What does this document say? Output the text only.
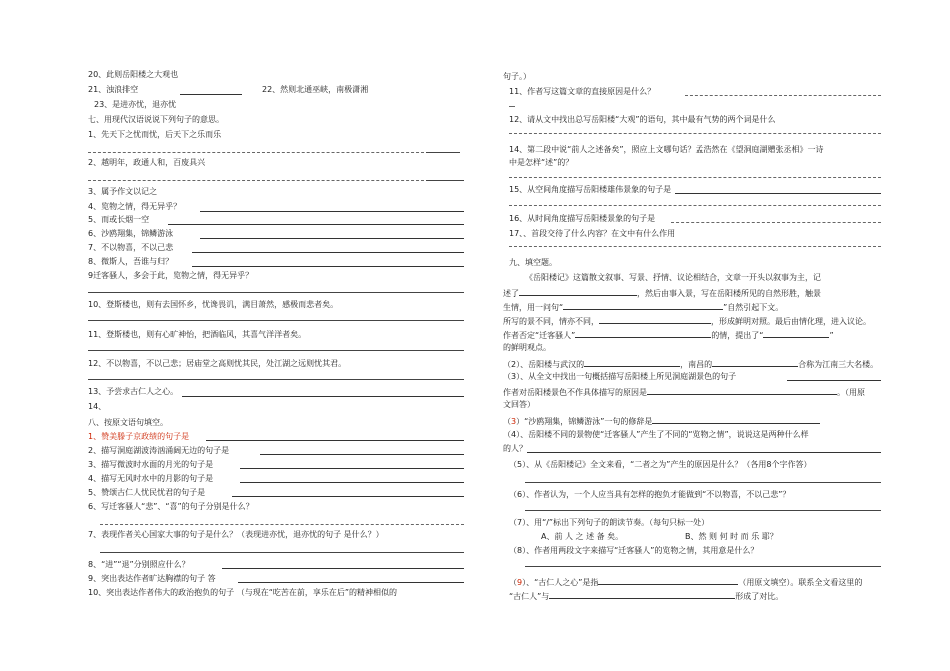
20、此则岳阳楼之大观也
21、浊浪排空	22、然则北通巫峡，南极潇湘
23、是进亦忧，退亦忧
七、用现代汉语说说下列句子的意思。
1、先天下之忧而忧，后天下之乐而乐
2、越明年，政通人和，百废具兴
3、属予作文以记之
4、览物之情，得无异乎？
5、而或长烟一空
6、沙鸥翔集，锦鳞游泳
7、不以物喜，不以己悲
8、微斯人，吾谁与归？
9迁客骚人，多会于此，览物之情，得无异乎？
10、登斯楼也，则有去国怀乡，忧谗畏讥，满目萧然，感极而悲者矣。
11、登斯楼也，则有心旷神怡，把酒临风，其喜气洋洋者矣。
12、不以物喜，不以己悲；居庙堂之高则忧其民，处江湖之远则忧其君。
13、予尝求古仁人之心。
14、
八、按原文语句填空。
1、赞美滕子京政绩的句子是
2、描写洞庭湖波涛汹涌阔无边的句子是
3、描写微波时水面的月光的句子是
4、描写无风时水中的月影的句子是
5、赞颂古仁人忧民忧君的句子是
6、写迁客骚人“悲”、“喜”的句子分别是什么？
7、表现作者关心国家大事的句子是什么？（表现进亦忧，退亦忧的句子 是什么？）
8、“进”“退”分别照应什么？
9、突出表达作者旷达胸襟的句子 答
10、突出表达作者伟大的政治抱负的句子 （与现在“吃苦在前，享乐在后”的精神相似的
句子。）
11、作者写这篇文章的直接原因是什么？
12、请从文中找出总写岳阳楼“大观”的语句，其中最有气势的两个词是什么
14、第二段中说“前人之述备矣”，照应上文哪句话？孟浩然在《望洞庭湖赠张丞相》一诗
中是怎样“述”的？
15、从空间角度描写岳阳楼雄伟景象的句子是
16、从时间角度描写岳阳楼景象的句子是
17、、首段交待了什么内容？在文中有什么作用
九、填空题。
《岳阳楼记》这篇散文叙事、写景、抒情、议论相结合，文章一开头以叙事为主，记
述了	，然后由事入景，写在岳阳楼所见的自然形胜，触景
生情，用一问句“	”自然引起下文。
所写的景不同，情亦不同，	，形成鲜明对照。最后由情化理，进入议论。
作者否定“迁客骚人”	的情，提出了“	”
的鲜明观点。
（2）、岳阳楼与武汉的	，南昌的	合称为江南三大名楼。
（3）、从全文中找出一句概括描写岳阳楼上所见洞庭湖景色的句子
作者对岳阳楼景色不作具体描写的原因是	。（用原
文回答）
（3）“沙鸥翔集，锦鳞游泳”一句的修辞是
（4）、岳阳楼不同的景物使“迁客骚人”产生了不同的“览物之情”，说说这是两种什么样
的人？
（5）、从《岳阳楼记》全文来看，“二者之为”产生的原因是什么？（各用8个字作答）
（6）、作者认为，一个人应当具有怎样的抱负才能做到“不以物喜，不以己悲”？
（7）、用“/”标出下列句子的朗读节奏。（每句只标一处）
A、前 人 之 述 备 矣。	B、然 则 何 时 而 乐 耶？
（8）、作者用两段文字来描写“迁客骚人”的览物之情，其用意是什么？
（9）、“古仁人之心”是指	（用原文填空）。联系全文看这里的
“古仁人”与	形成了对比。
